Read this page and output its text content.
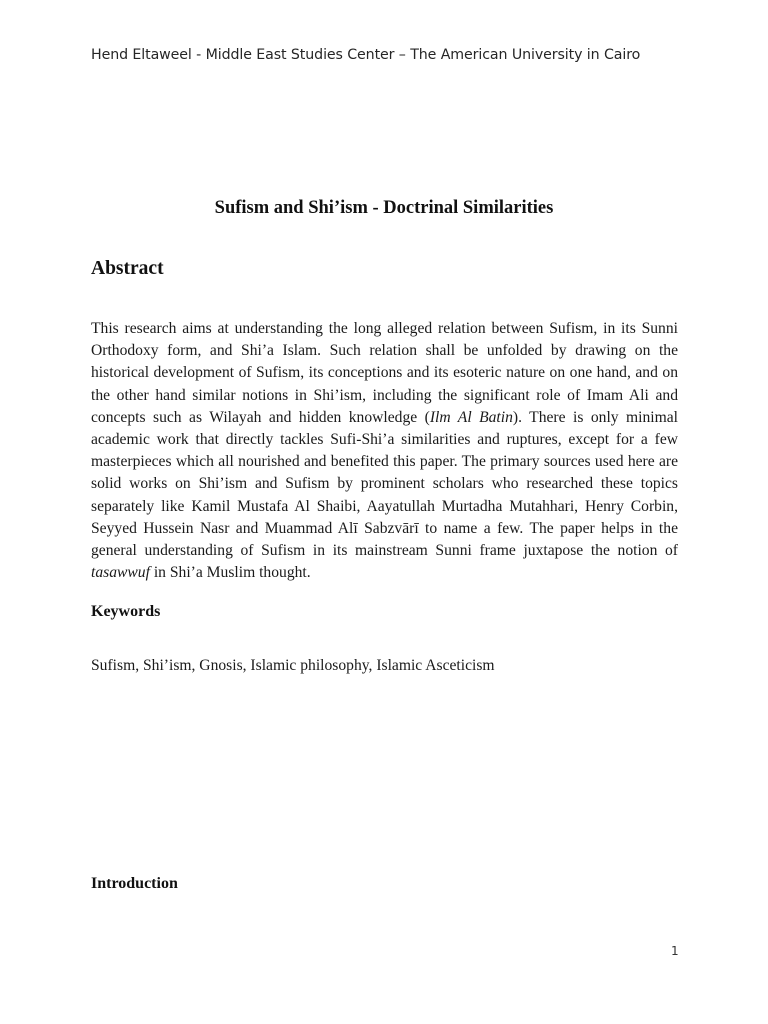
Hend Eltaweel - Middle East Studies Center – The American University in Cairo
Sufism and Shi’ism - Doctrinal Similarities
Abstract
This research aims at understanding the long alleged relation between Sufism, in its Sunni Orthodoxy form, and Shi’a Islam. Such relation shall be unfolded by drawing on the historical development of Sufism, its conceptions and its esoteric nature on one hand, and on the other hand similar notions in Shi’ism, including the significant role of Imam Ali and concepts such as Wilayah and hidden knowledge (Ilm Al Batin). There is only minimal academic work that directly tackles Sufi-Shi’a similarities and ruptures, except for a few masterpieces which all nourished and benefited this paper. The primary sources used here are solid works on Shi’ism and Sufism by prominent scholars who researched these topics separately like Kamil Mustafa Al Shaibi, Aayatullah Murtadha Mutahhari, Henry Corbin, Seyyed Hussein Nasr and Muammad Alī Sabzvārī to name a few. The paper helps in the general understanding of Sufism in its mainstream Sunni frame juxtapose the notion of tasawwuf in Shi’a Muslim thought.
Keywords
Sufism, Shi’ism, Gnosis, Islamic philosophy, Islamic Asceticism
Introduction
1
